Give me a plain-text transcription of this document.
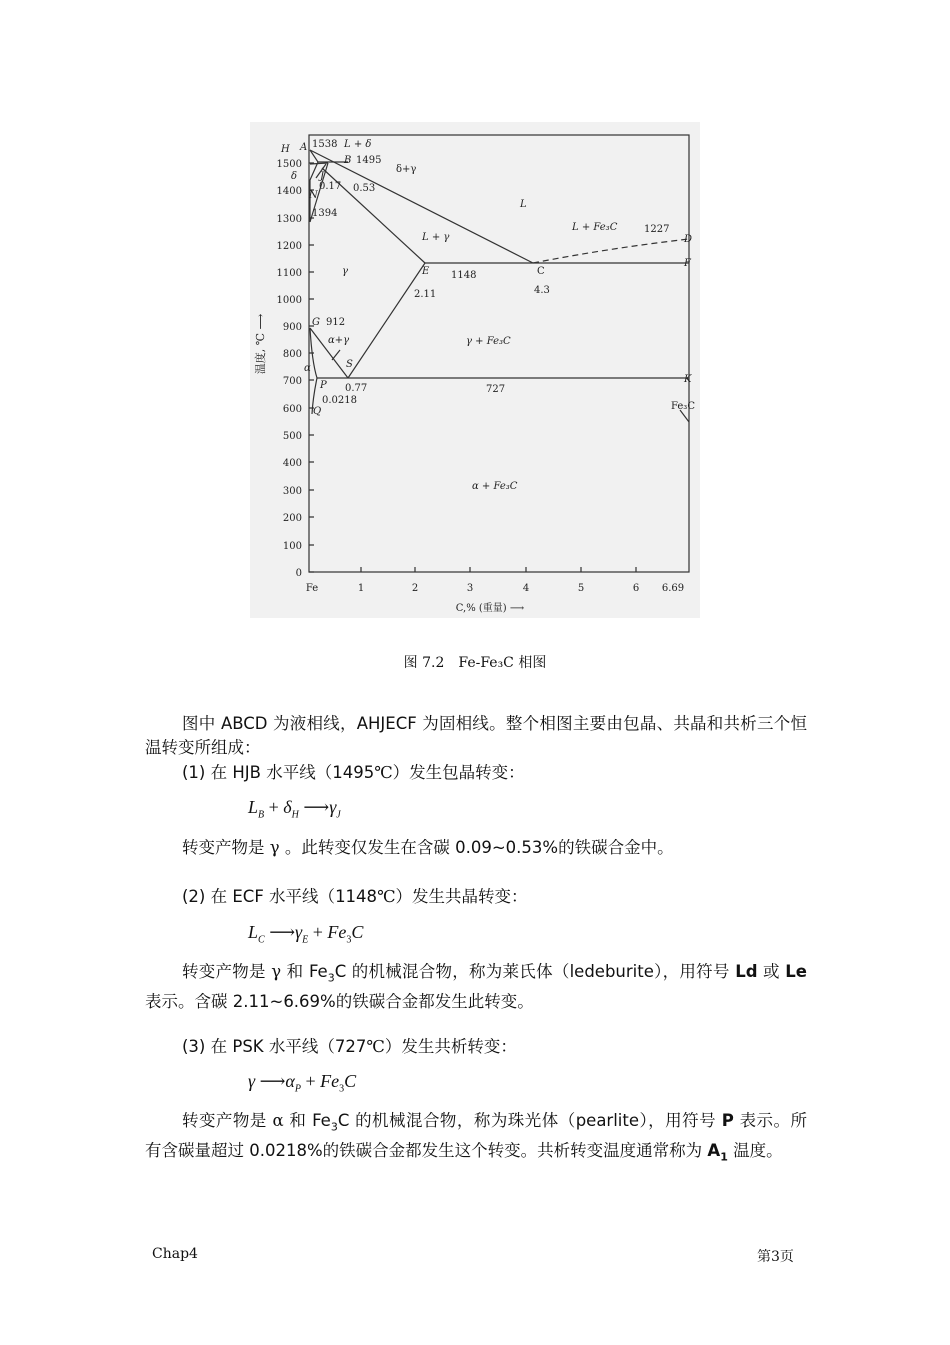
0
100
200
300
400
500
600
700
800
900
1000
1100
1200
1300
1400
1500
Fe	1	2	3	4	5	6 6.69
C,% (重量) ⟶
温度, ℃ ⟶
H A 1538 L + δ
B 1495
δ+γ
δ J
N
0.17 0.53
1394
L
L + Fe₃C	1227
D
F
L + γ
γ	E 1148	C
2.11	4.3
G 912
γ + Fe₃C
α+γ
S
α
P 0.77	727
K
0.0218
Q	Fe₃C
α + Fe₃C
图 7.2　Fe-Fe₃C 相图

图中 ABCD 为液相线，AHJECF 为固相线。整个相图主要由包晶、共晶和共析三个恒温转变所组成：

(1) 在 HJB 水平线（1495℃）发生包晶转变：

$L_B + \delta_H$ $⟶\gamma_J$

转变产物是 γ 。此转变仅发生在含碳 0.09~0.53%的铁碳合金中。

(2) 在 ECF 水平线（1148℃）发生共晶转变：

$L_C$ $⟶\gamma_E + Fe_3C$

转变产物是 γ 和 $Fe_3C$ 的机械混合物，称为莱氏体（ledeburite），用符号 Ld 或 Le 表示。含碳 2.11~6.69%的铁碳合金都发生此转变。

(3) 在 PSK 水平线（727℃）发生共析转变：

γ $⟶\alpha_P + Fe_3C$

转变产物是 α 和 $Fe_3C$ 的机械混合物，称为珠光体（pearlite），用符号 P 表示。所有含碳量超过 0.0218%的铁碳合金都发生这个转变。共析转变温度通常称为 $A_1$ 温度。

Chap4	第3页
